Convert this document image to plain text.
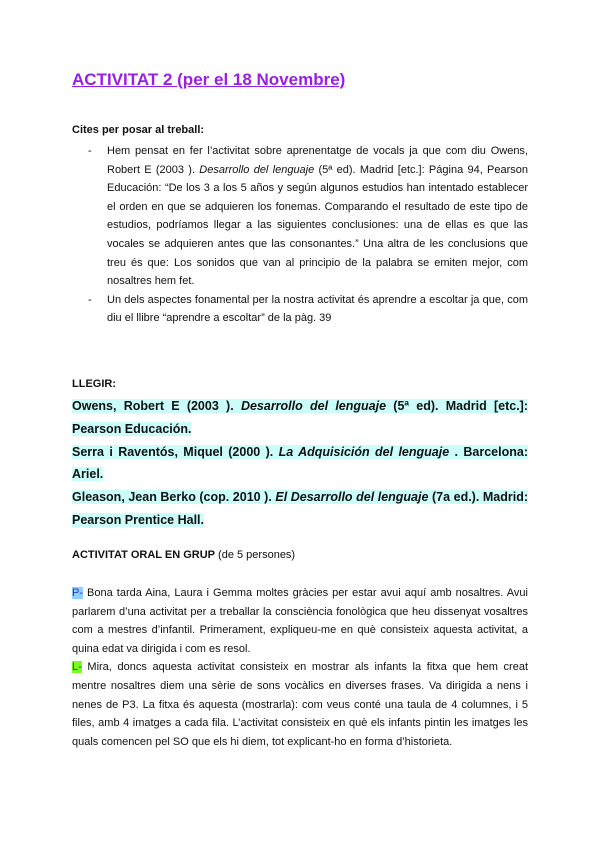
ACTIVITAT 2 (per el 18 Novembre)

Cites per posar al treball:

- Hem pensat en fer l’activitat sobre aprenentatge de vocals ja que com diu Owens, Robert E (2003 ). Desarrollo del lenguaje (5ª ed). Madrid [etc.]: Página 94, Pearson Educación: “De los 3 a los 5 años y según algunos estudios han intentado establecer el orden en que se adquieren los fonemas. Comparando el resultado de este tipo de estudios, podríamos llegar a las siguientes conclusiones: una de ellas es que las vocales se adquieren antes que las consonantes.” Una altra de les conclusions que treu és que: Los sonidos que van al principio de la palabra se emiten mejor, com nosaltres hem fet.
- Un dels aspectes fonamental per la nostra activitat és aprendre a escoltar ja que, com diu el llibre “aprendre a escoltar” de la pàg. 39

LLEGIR:

Owens, Robert E (2003 ). Desarrollo del lenguaje (5ª ed). Madrid [etc.]: Pearson Educación.

Serra i Raventós, Miquel (2000 ). La Adquisición del lenguaje . Barcelona: Ariel.

Gleason, Jean Berko (cop. 2010 ). El Desarrollo del lenguaje (7a ed.). Madrid: Pearson Prentice Hall.

ACTIVITAT ORAL EN GRUP (de 5 persones)

P- Bona tarda Aina, Laura i Gemma moltes gràcies per estar avui aquí amb nosaltres. Avui parlarem d’una activitat per a treballar la consciència fonològica que heu dissenyat vosaltres com a mestres d’infantil. Primerament, expliqueu-me en què consisteix aquesta activitat, a quina edat va dirigida i com es resol.

L- Mira, doncs aquesta activitat consisteix en mostrar als infants la fitxa que hem creat mentre nosaltres diem una sèrie de sons vocàlics en diverses frases. Va dirigida a nens i nenes de P3. La fitxa és aquesta (mostrarla): com veus conté una taula de 4 columnes, i 5 files, amb 4 imatges a cada fila. L’activitat consisteix en què els infants pintin les imatges les quals comencen pel SO que els hi diem, tot explicant-ho en forma d’historieta.
